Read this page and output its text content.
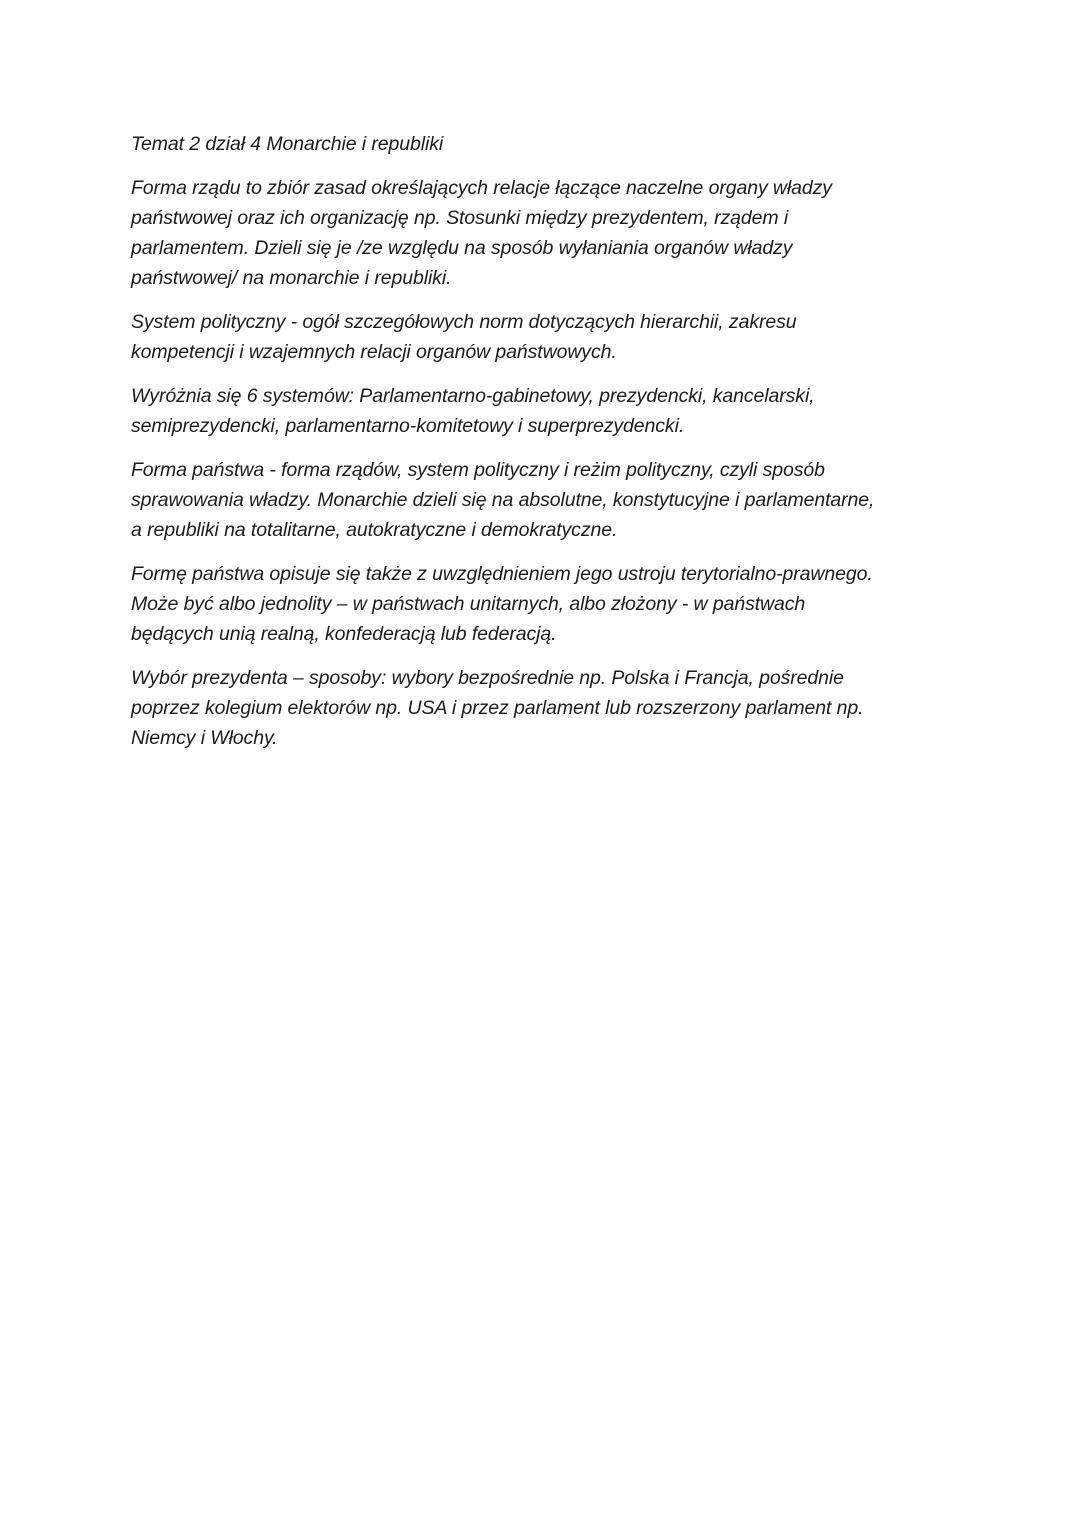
Temat 2 dział 4 Monarchie i republiki

Forma rządu to zbiór zasad określających relacje łączące naczelne organy władzy
państwowej oraz ich organizację np. Stosunki między prezydentem, rządem i
parlamentem. Dzieli się je /ze względu na sposób wyłaniania organów władzy
państwowej/ na monarchie i republiki.

System polityczny - ogół szczegółowych norm dotyczących hierarchii, zakresu
kompetencji i wzajemnych relacji organów państwowych.

Wyróżnia się 6 systemów: Parlamentarno-gabinetowy, prezydencki, kancelarski,
semiprezydencki, parlamentarno-komitetowy i superprezydencki.

Forma państwa - forma rządów, system polityczny i reżim polityczny, czyli sposób
sprawowania władzy. Monarchie dzieli się na absolutne, konstytucyjne i parlamentarne,
a republiki na totalitarne, autokratyczne i demokratyczne.

Formę państwa opisuje się także z uwzględnieniem jego ustroju terytorialno-prawnego.
Może być albo jednolity – w państwach unitarnych, albo złożony - w państwach
będących unią realną, konfederacją lub federacją.

Wybór prezydenta – sposoby: wybory bezpośrednie np. Polska i Francja, pośrednie
poprzez kolegium elektorów np. USA i przez parlament lub rozszerzony parlament np.
Niemcy i Włochy.
